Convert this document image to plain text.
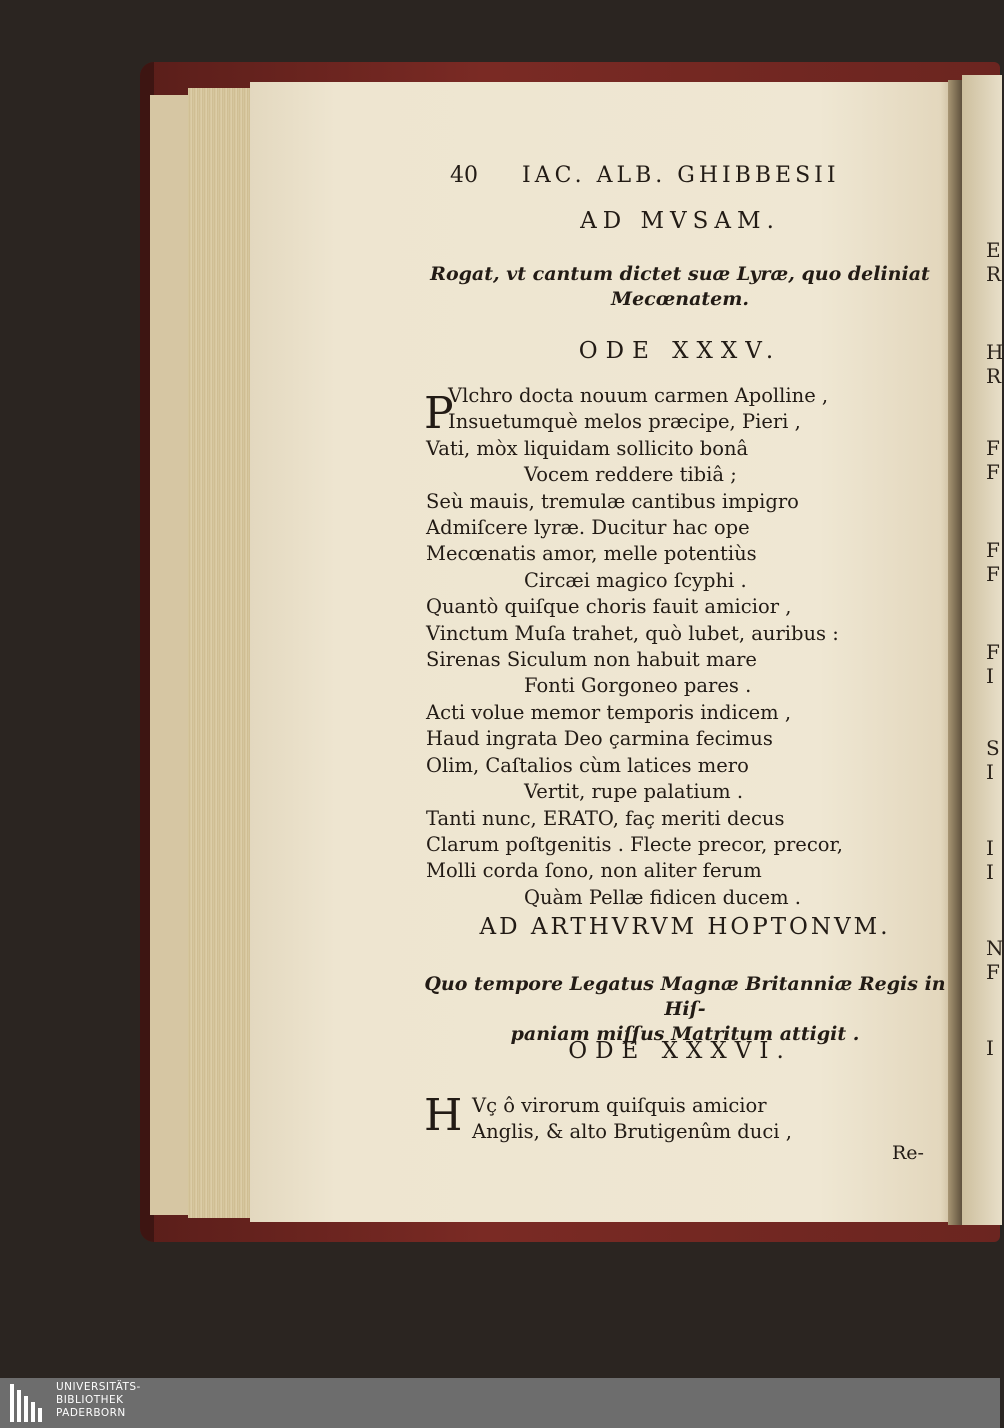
E
R
H
R
F
F
F
F
F
I
S
I
I
I
N
F
I
40 IAC. ALB. GHIBBESII
AD MVSAM.
Rogat, vt cantum dictet suæ Lyræ, quo deliniat
Mecœnatem.
ODE XXXV.
P
Vlchro docta nouum carmen Apolline ,
Insuetumquè melos præcipe, Pieri ,
Vati, mòx liquidam sollicito bonâ
Vocem reddere tibiâ ;
Seù mauis, tremulæ cantibus impigro
Admiſcere lyræ. Ducitur hac ope
Mecœnatis amor, melle potentiùs
Circæi magico ſcyphi .
Quantò quiſque choris fauit amicior ,
Vinctum Muſa trahet, quò lubet, auribus :
Sirenas Siculum non habuit mare
Fonti Gorgoneo pares .
Acti volue memor temporis indicem ,
Haud ingrata Deo çarmina fecimus
Olim, Caſtalios cùm latices mero
Vertit, rupe palatium .
Tanti nunc, ERATO, faç meriti decus
Clarum poſtgenitis . Flecte precor, precor,
Molli corda ſono, non aliter ferum
Quàm Pellæ fidicen ducem .
AD ARTHVRVM HOPTONVM.
Quo tempore Legatus Magnæ Britanniæ Regis in Hiſ-
paniam miſſus Matritum attigit .
ODE XXXVI.
H Vç ô virorum quiſquis amicior
Anglis, & alto Brutigenûm duci ,
Re-
UNIVERSITÄTS-
BIBLIOTHEK
PADERBORN
